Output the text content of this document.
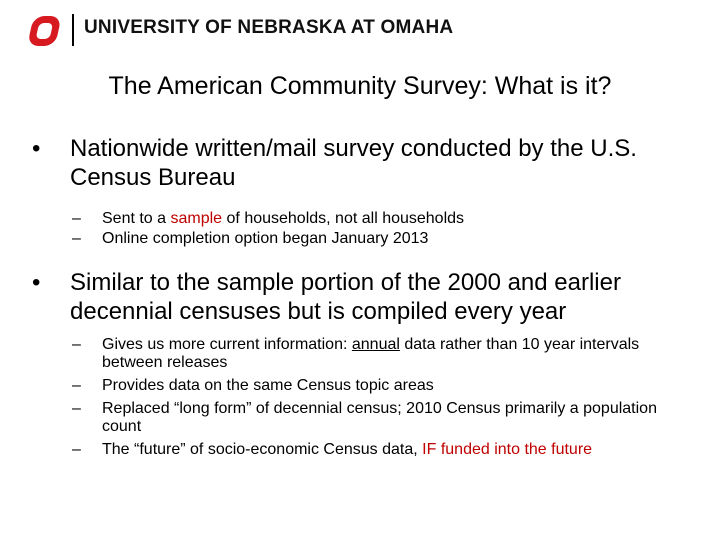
UNIVERSITY OF NEBRASKA AT OMAHA
The American Community Survey: What is it?
•	Nationwide written/mail survey conducted by the U.S. Census Bureau
– Sent to a sample of households, not all households
– Online completion option began January 2013
•	Similar to the sample portion of the 2000 and earlier decennial censuses but is compiled every year
– Gives us more current information: annual data rather than 10 year intervals between releases
– Provides data on the same Census topic areas
– Replaced “long form” of decennial census; 2010 Census primarily a population count
– The “future” of socio-economic Census data, IF funded into the future
